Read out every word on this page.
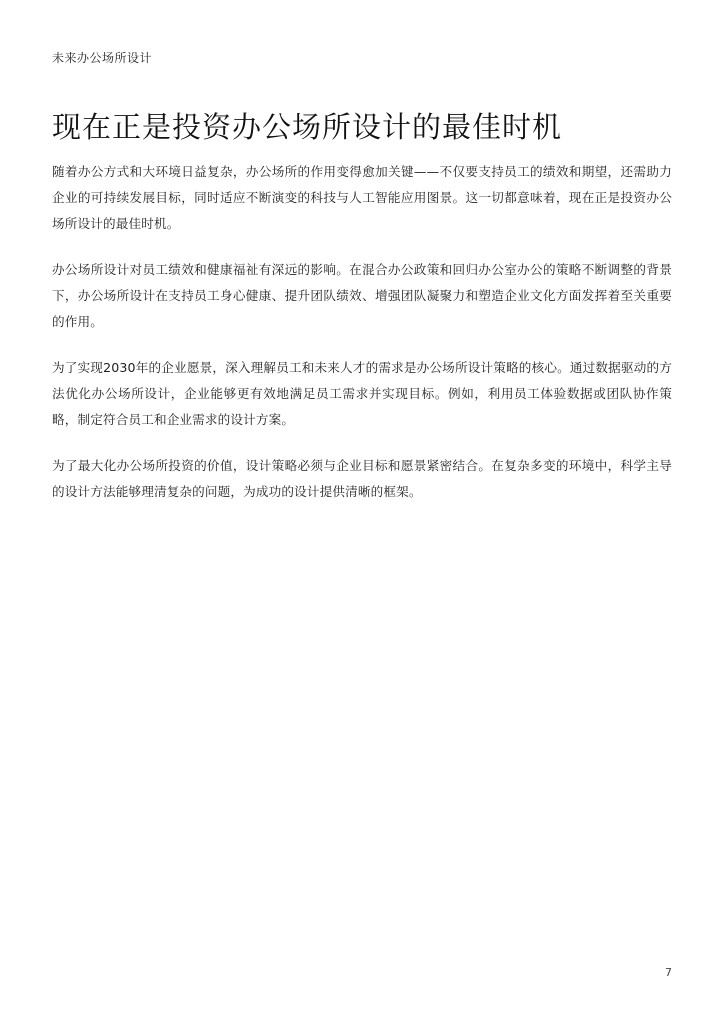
未来办公场所设计
现在正是投资办公场所设计的最佳时机

随着办公方式和大环境日益复杂，办公场所的作用变得愈加关键——不仅要支持员工的绩效和期望，还需助力企业的可持续发展目标，同时适应不断演变的科技与人工智能应用图景。这一切都意味着，现在正是投资办公场所设计的最佳时机。

办公场所设计对员工绩效和健康福祉有深远的影响。在混合办公政策和回归办公室办公的策略不断调整的背景下，办公场所设计在支持员工身心健康、提升团队绩效、增强团队凝聚力和塑造企业文化方面发挥着至关重要的作用。

为了实现2030年的企业愿景，深入理解员工和未来人才的需求是办公场所设计策略的核心。通过数据驱动的方法优化办公场所设计，企业能够更有效地满足员工需求并实现目标。例如，利用员工体验数据或团队协作策略，制定符合员工和企业需求的设计方案。

为了最大化办公场所投资的价值，设计策略必须与企业目标和愿景紧密结合。在复杂多变的环境中，科学主导的设计方法能够理清复杂的问题，为成功的设计提供清晰的框架。

7
